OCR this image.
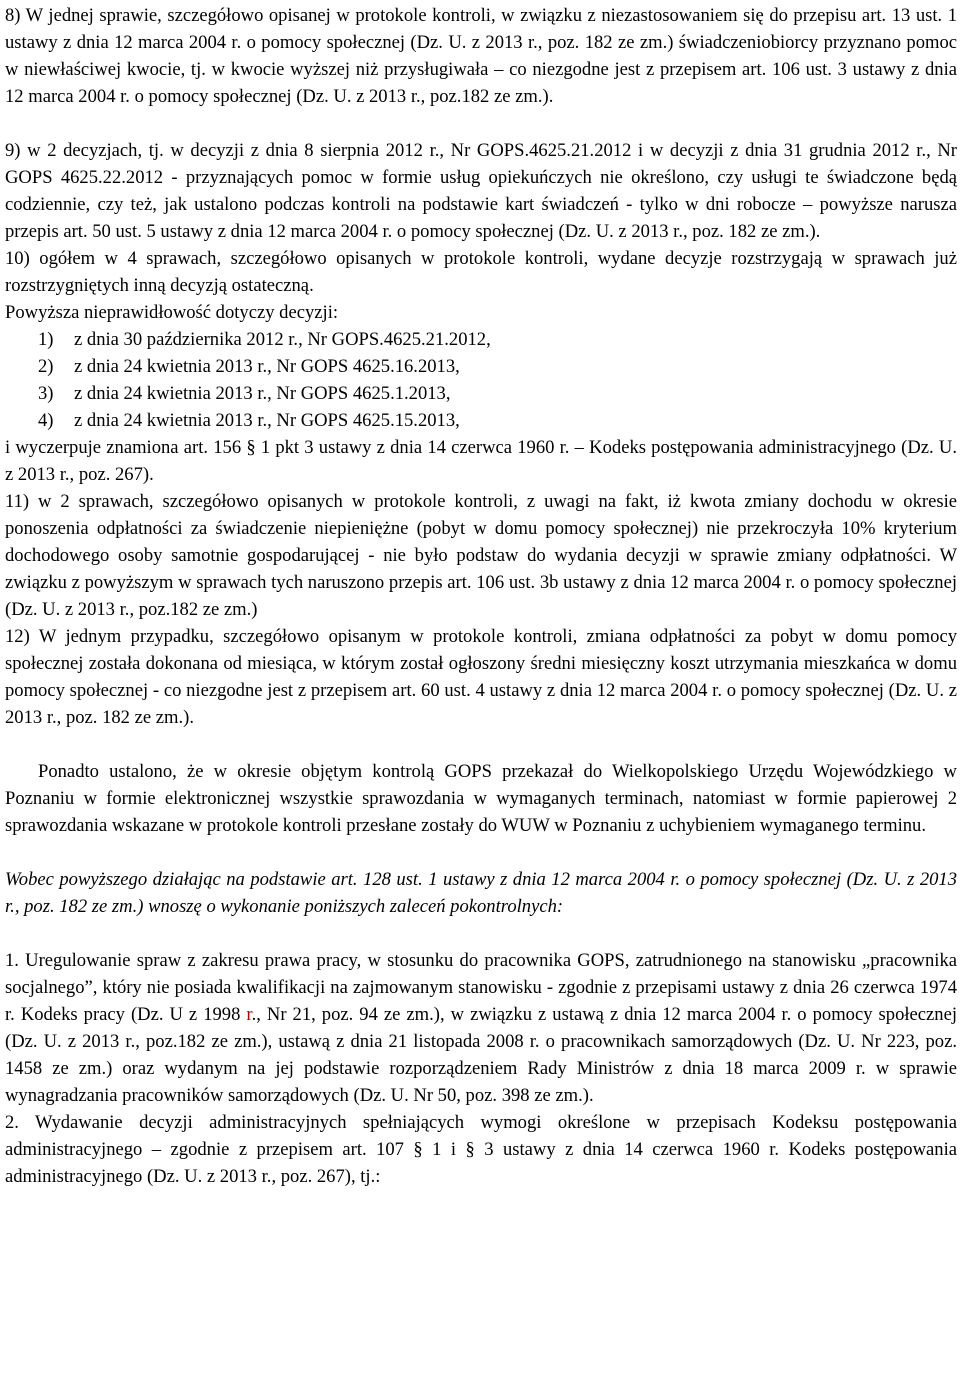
8) W jednej sprawie, szczegółowo opisanej w protokole kontroli, w związku z niezastosowaniem się do przepisu art. 13 ust. 1 ustawy z dnia 12 marca 2004 r. o pomocy społecznej (Dz. U. z 2013 r., poz. 182 ze zm.) świadczeniobiorcy przyznano pomoc w niewłaściwej kwocie, tj. w kwocie wyższej niż przysługiwała – co niezgodne jest z przepisem art. 106 ust. 3 ustawy z dnia 12 marca 2004 r. o pomocy społecznej (Dz. U. z 2013 r., poz.182 ze zm.).

9) w 2 decyzjach, tj. w decyzji z dnia 8 sierpnia 2012 r., Nr GOPS.4625.21.2012 i w decyzji z dnia 31 grudnia 2012 r., Nr GOPS 4625.22.2012 - przyznających pomoc w formie usług opiekuńczych nie określono, czy usługi te świadczone będą codziennie, czy też, jak ustalono podczas kontroli na podstawie kart świadczeń - tylko w dni robocze – powyższe narusza przepis art. 50 ust. 5 ustawy z dnia 12 marca 2004 r. o pomocy społecznej (Dz. U. z 2013 r., poz. 182 ze zm.).

10) ogółem w 4 sprawach, szczegółowo opisanych w protokole kontroli, wydane decyzje rozstrzygają w sprawach już rozstrzygniętych inną decyzją ostateczną.

Powyższa nieprawidłowość dotyczy decyzji:

1) z dnia 30 października 2012 r., Nr GOPS.4625.21.2012,
2) z dnia 24 kwietnia 2013 r., Nr GOPS 4625.16.2013,
3) z dnia 24 kwietnia 2013 r., Nr GOPS 4625.1.2013,
4) z dnia 24 kwietnia 2013 r., Nr GOPS 4625.15.2013,

i wyczerpuje znamiona art. 156 § 1 pkt 3 ustawy z dnia 14 czerwca 1960 r. – Kodeks postępowania administracyjnego (Dz. U. z 2013 r., poz. 267).

11) w 2 sprawach, szczegółowo opisanych w protokole kontroli, z uwagi na fakt, iż kwota zmiany dochodu w okresie ponoszenia odpłatności za świadczenie niepieniężne (pobyt w domu pomocy społecznej) nie przekroczyła 10% kryterium dochodowego osoby samotnie gospodarującej - nie było podstaw do wydania decyzji w sprawie zmiany odpłatności. W związku z powyższym w sprawach tych naruszono przepis art. 106 ust. 3b ustawy z dnia 12 marca 2004 r. o pomocy społecznej (Dz. U. z 2013 r., poz.182 ze zm.)

12) W jednym przypadku, szczegółowo opisanym w protokole kontroli, zmiana odpłatności za pobyt w domu pomocy społecznej została dokonana od miesiąca, w którym został ogłoszony średni miesięczny koszt utrzymania mieszkańca w domu pomocy społecznej - co niezgodne jest z przepisem art. 60 ust. 4 ustawy z dnia 12 marca 2004 r. o pomocy społecznej (Dz. U. z 2013 r., poz. 182 ze zm.).

Ponadto ustalono, że w okresie objętym kontrolą GOPS przekazał do Wielkopolskiego Urzędu Wojewódzkiego w Poznaniu w formie elektronicznej wszystkie sprawozdania w wymaganych terminach, natomiast w formie papierowej 2 sprawozdania wskazane w protokole kontroli przesłane zostały do WUW w Poznaniu z uchybieniem wymaganego terminu.

Wobec powyższego działając na podstawie art. 128 ust. 1 ustawy z dnia 12 marca 2004 r. o pomocy społecznej (Dz. U. z 2013 r., poz. 182 ze zm.) wnoszę o wykonanie poniższych zaleceń pokontrolnych:

1. Uregulowanie spraw z zakresu prawa pracy, w stosunku do pracownika GOPS, zatrudnionego na stanowisku „pracownika socjalnego”, który nie posiada kwalifikacji na zajmowanym stanowisku - zgodnie z przepisami ustawy z dnia 26 czerwca 1974 r. Kodeks pracy (Dz. U z 1998 r., Nr 21, poz. 94 ze zm.), w związku z ustawą z dnia 12 marca 2004 r. o pomocy społecznej (Dz. U. z 2013 r., poz.182 ze zm.), ustawą z dnia 21 listopada 2008 r. o pracownikach samorządowych (Dz. U. Nr 223, poz. 1458 ze zm.) oraz wydanym na jej podstawie rozporządzeniem Rady Ministrów z dnia 18 marca 2009 r. w sprawie wynagradzania pracowników samorządowych (Dz. U. Nr 50, poz. 398 ze zm.).

2. Wydawanie decyzji administracyjnych spełniających wymogi określone w przepisach Kodeksu postępowania administracyjnego – zgodnie z przepisem art. 107 § 1 i § 3 ustawy z dnia 14 czerwca 1960 r. Kodeks postępowania administracyjnego (Dz. U. z 2013 r., poz. 267), tj.:
